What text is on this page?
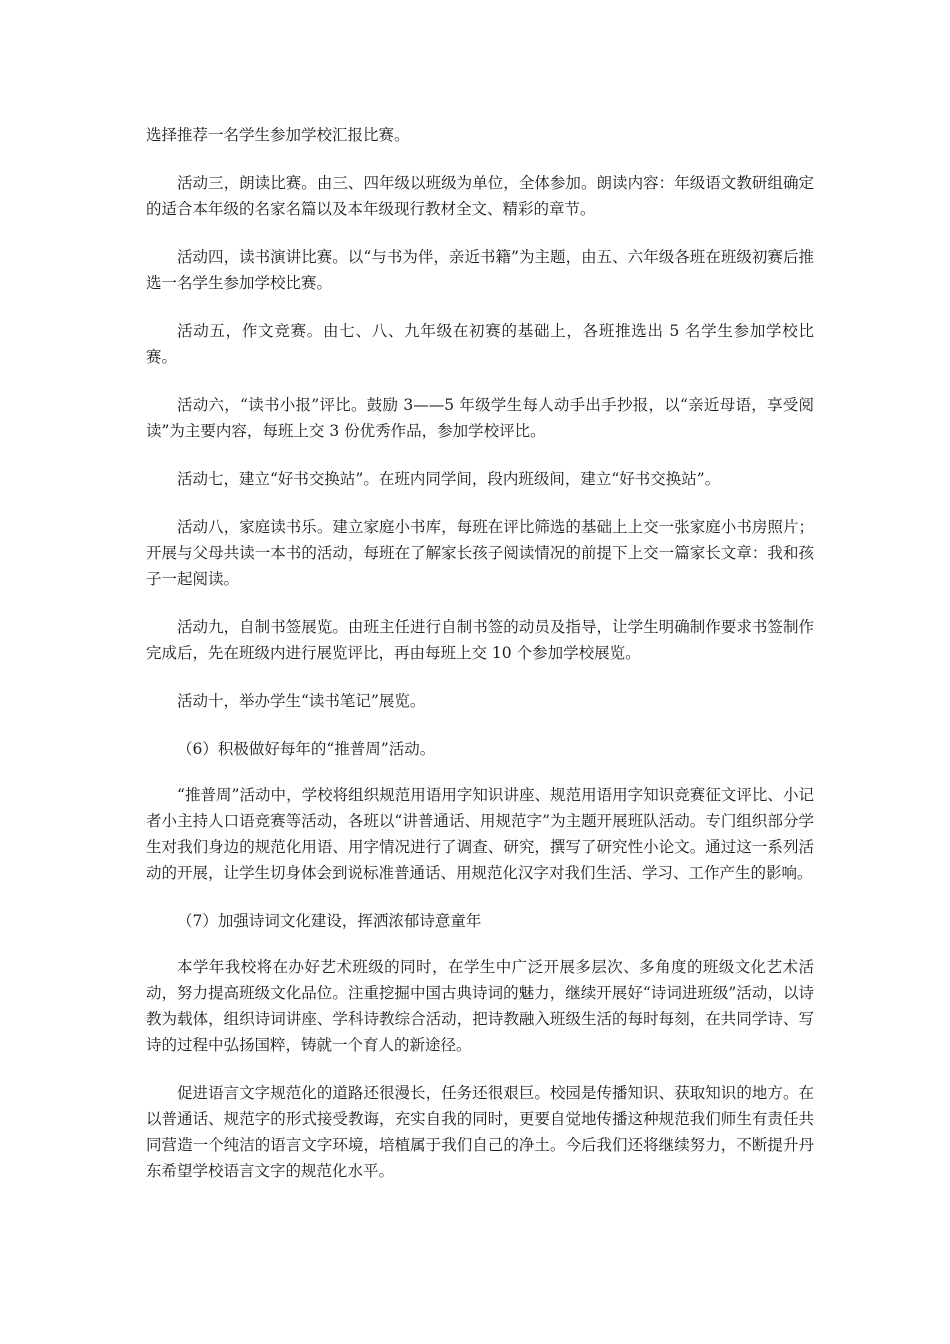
选择推荐一名学生参加学校汇报比赛。

活动三，朗读比赛。由三、四年级以班级为单位，全体参加。朗读内容：年级语文教研组确定的适合本年级的名家名篇以及本年级现行教材全文、精彩的章节。

活动四，读书演讲比赛。以“与书为伴，亲近书籍”为主题，由五、六年级各班在班级初赛后推选一名学生参加学校比赛。

活动五，作文竞赛。由七、八、九年级在初赛的基础上，各班推选出 5 名学生参加学校比赛。

活动六，“读书小报”评比。鼓励 3——5 年级学生每人动手出手抄报，以“亲近母语，享受阅读”为主要内容，每班上交 3 份优秀作品，参加学校评比。

活动七，建立“好书交换站”。在班内同学间，段内班级间，建立“好书交换站”。

活动八，家庭读书乐。建立家庭小书库，每班在评比筛选的基础上上交一张家庭小书房照片；开展与父母共读一本书的活动，每班在了解家长孩子阅读情况的前提下上交一篇家长文章：我和孩子一起阅读。

活动九，自制书签展览。由班主任进行自制书签的动员及指导，让学生明确制作要求书签制作完成后，先在班级内进行展览评比，再由每班上交 10 个参加学校展览。

活动十，举办学生“读书笔记”展览。

（6）积极做好每年的“推普周”活动。

“推普周”活动中，学校将组织规范用语用字知识讲座、规范用语用字知识竞赛征文评比、小记者小主持人口语竞赛等活动，各班以“讲普通话、用规范字”为主题开展班队活动。专门组织部分学生对我们身边的规范化用语、用字情况进行了调查、研究，撰写了研究性小论文。通过这一系列活动的开展，让学生切身体会到说标准普通话、用规范化汉字对我们生活、学习、工作产生的影响。

（7）加强诗词文化建设，挥洒浓郁诗意童年

本学年我校将在办好艺术班级的同时，在学生中广泛开展多层次、多角度的班级文化艺术活动，努力提高班级文化品位。注重挖掘中国古典诗词的魅力，继续开展好“诗词进班级”活动，以诗教为载体，组织诗词讲座、学科诗教综合活动，把诗教融入班级生活的每时每刻，在共同学诗、写诗的过程中弘扬国粹，铸就一个育人的新途径。

促进语言文字规范化的道路还很漫长，任务还很艰巨。校园是传播知识、获取知识的地方。在以普通话、规范字的形式接受教诲，充实自我的同时，更要自觉地传播这种规范我们师生有责任共同营造一个纯洁的语言文字环境，培植属于我们自己的净土。今后我们还将继续努力，不断提升丹东希望学校语言文字的规范化水平。
